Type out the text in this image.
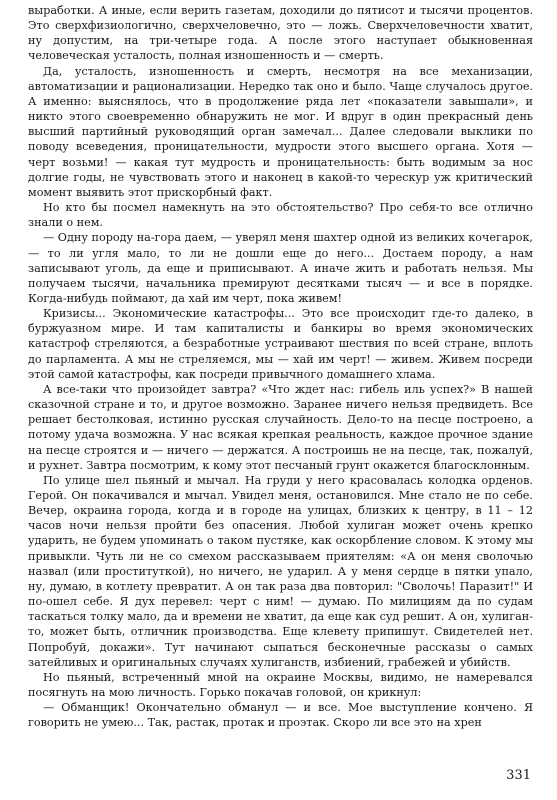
выработки. А иные, если верить газетам, доходили до пятисот и тысячи процентов. Это сверхфизиологично, сверхчеловечно, это — ложь. Сверхчеловечности хватит, ну допустим, на три-четыре года. А после этого наступает обыкновенная человеческая усталость, полная изношенность и — смерть.

Да, усталость, изношенность и смерть, несмотря на все механизации, автоматизации и рационализации. Нередко так оно и было. Чаще случалось другое. А именно: выяснялось, что в продолжение ряда лет «показатели завышали», и никто этого своевременно обнаружить не мог. И вдруг в один прекрасный день высший партийный руководящий орган замечал... Далее следовали выклики по поводу всеведения, проницательности, мудрости этого высшего органа. Хотя — черт возьми! — какая тут мудрость и проницательность: быть водимым за нос долгие годы, не чувствовать этого и наконец в какой-то черескур уж критический момент выявить этот прискорбный факт.

Но кто бы посмел намекнуть на это обстоятельство? Про себя-то все отлично знали о нем.

— Одну породу на-гора даем, — уверял меня шахтер одной из великих кочегарок, — то ли угля мало, то ли не дошли еще до него... Достаем породу, а нам записывают уголь, да еще и приписывают. А иначе жить и работать нельзя. Мы получаем тысячи, начальника премируют десятками тысяч — и все в порядке. Когда-нибудь поймают, да хай им черт, пока живем!

Кризисы... Экономические катастрофы... Это все происходит где-то далеко, в буржуазном мире. И там капиталисты и банкиры во время экономических катастроф стреляются, а безработные устраивают шествия по всей стране, вплоть до парламента. А мы не стреляемся, мы — хай им черт! — живем. Живем посреди этой самой катастрофы, как посреди привычного домашнего хлама.

А все-таки что произойдет завтра? «Что ждет нас: гибель иль успех?» В нашей сказочной стране и то, и другое возможно. Заранее ничего нельзя предвидеть. Все решает бестолковая, истинно русская случайность. Дело-то на песце построено, а потому удача возможна. У нас всякая крепкая реальность, каждое прочное здание на песце строятся и — ничего — держатся. А построишь не на песце, так, пожалуй, и рухнет. Завтра посмотрим, к кому этот песчаный грунт окажется благосклонным.

По улице шел пьяный и мычал. На груди у него красовалась колодка орденов. Герой. Он покачивался и мычал. Увидел меня, остановился. Мне стало не по себе. Вечер, окраина города, когда и в городе на улицах, близких к центру, в 11 – 12 часов ночи нельзя пройти без опасения. Любой хулиган может очень крепко ударить, не будем упоминать о таком пустяке, как оскорбление словом. К этому мы привыкли. Чуть ли не со смехом рассказываем приятелям: «А он меня сволочью назвал (или проституткой), но ничего, не ударил. А у меня сердце в пятки упало, ну, думаю, в котлету превратит. А он так раза два повторил: "Сволочь! Паразит!" И по-ошел себе. Я дух перевел: черт с ним! — думаю. По милициям да по судам таскаться толку мало, да и времени не хватит, да еще как суд решит. А он, хулиган-то, может быть, отличник производства. Еще клевету припишут. Свидетелей нет. Попробуй, докажи». Тут начинают сыпаться бесконечные рассказы о самых затейливых и оригинальных случаях хулиганств, избиений, грабежей и убийств.

Но пьяный, встреченный мной на окраине Москвы, видимо, не намеревался посягнуть на мою личность. Горько покачав головой, он крикнул:

— Обманщик! Окончательно обманул — и все. Мое выступление кончено. Я говорить не умею... Так, растак, протак и проэтак. Скоро ли все это на хрен

331
